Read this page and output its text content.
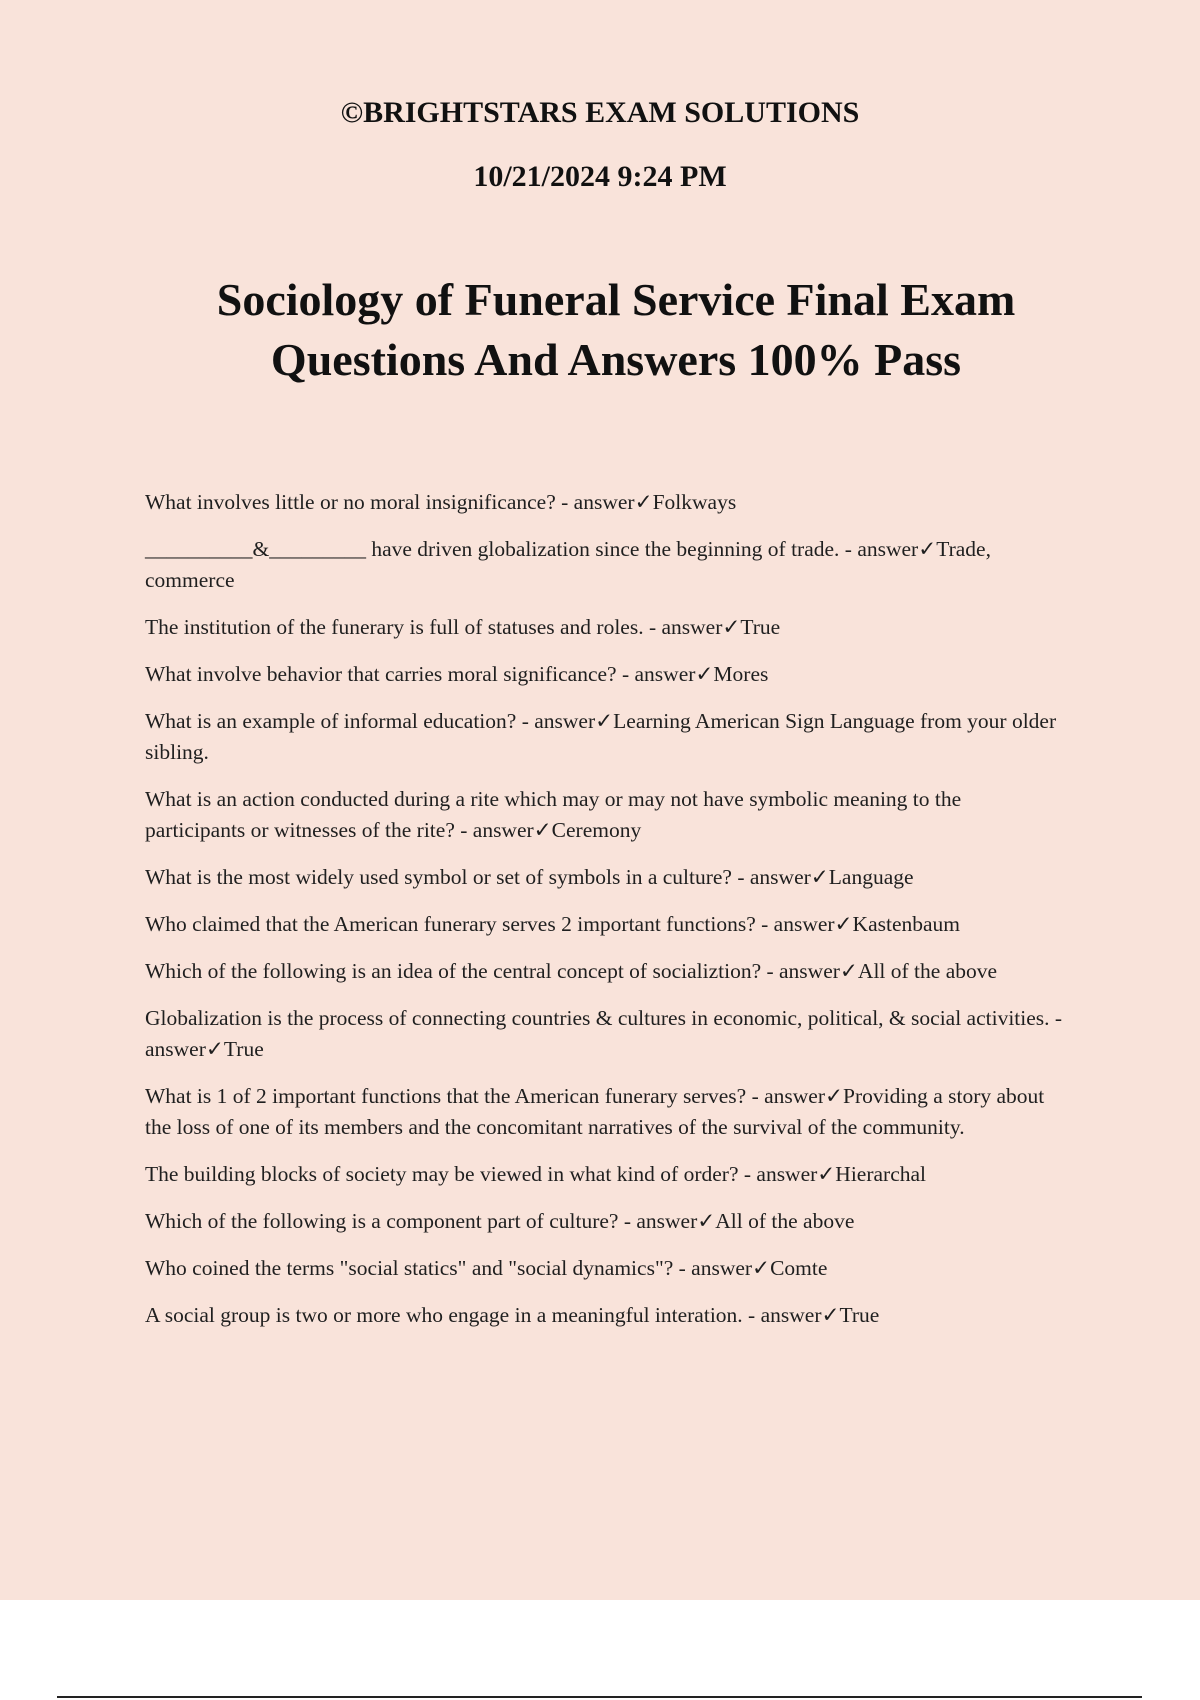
©BRIGHTSTARS EXAM SOLUTIONS
10/21/2024 9:24 PM
Sociology of Funeral Service Final Exam
Questions And Answers 100% Pass
What involves little or no moral insignificance? - answer✓Folkways
__________&_________ have driven globalization since the beginning of trade. - answer✓Trade, commerce
The institution of the funerary is full of statuses and roles. - answer✓True
What involve behavior that carries moral significance? - answer✓Mores
What is an example of informal education? - answer✓Learning American Sign Language from your older sibling.
What is an action conducted during a rite which may or may not have symbolic meaning to the participants or witnesses of the rite? - answer✓Ceremony
What is the most widely used symbol or set of symbols in a culture? - answer✓Language
Who claimed that the American funerary serves 2 important functions? - answer✓Kastenbaum
Which of the following is an idea of the central concept of socializtion? - answer✓All of the above
Globalization is the process of connecting countries & cultures in economic, political, & social activities. - answer✓True
What is 1 of 2 important functions that the American funerary serves? - answer✓Providing a story about the loss of one of its members and the concomitant narratives of the survival of the community.
The building blocks of society may be viewed in what kind of order? - answer✓Hierarchal
Which of the following is a component part of culture? - answer✓All of the above
Who coined the terms "social statics" and "social dynamics"? - answer✓Comte
A social group is two or more who engage in a meaningful interation. - answer✓True
